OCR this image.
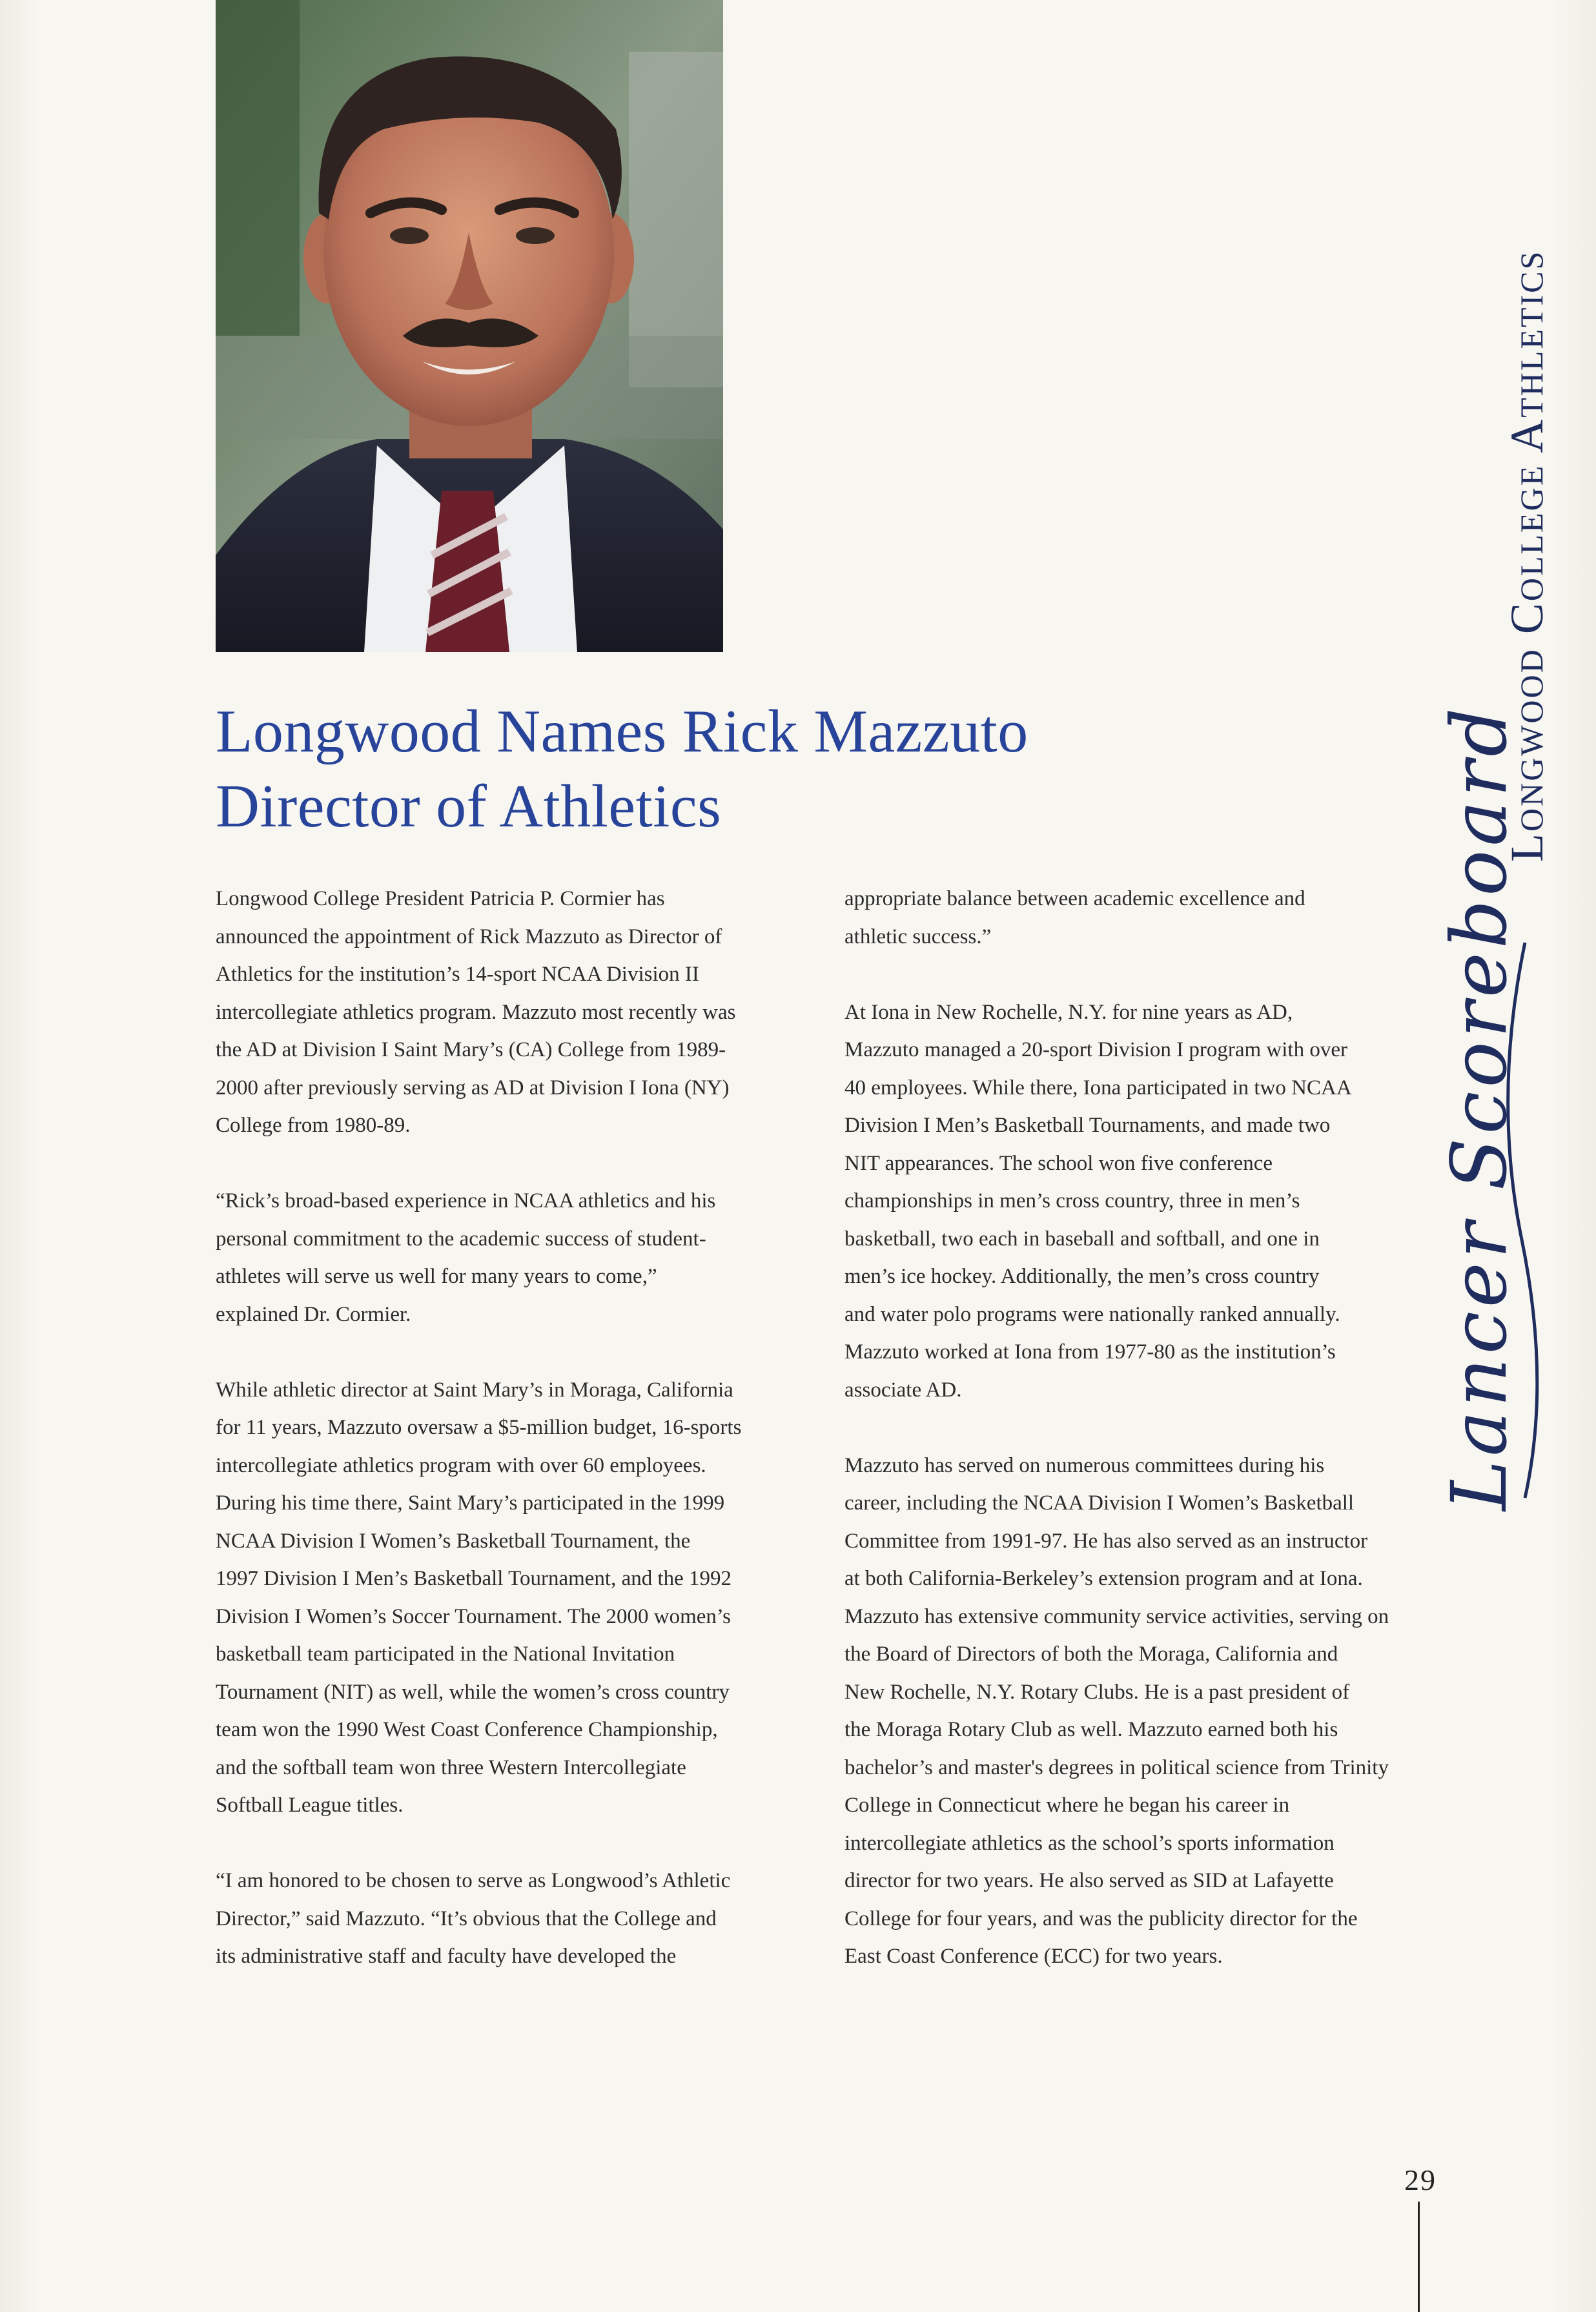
Longwood Names Rick Mazzuto
Director of Athletics

Longwood College President Patricia P. Cormier has
announced the appointment of Rick Mazzuto as Director of
Athletics for the institution’s 14-sport NCAA Division II
intercollegiate athletics program. Mazzuto most recently was
the AD at Division I Saint Mary’s (CA) College from 1989-
2000 after previously serving as AD at Division I Iona (NY)
College from 1980-89.

“Rick’s broad-based experience in NCAA athletics and his
personal commitment to the academic success of student-
athletes will serve us well for many years to come,”
explained Dr. Cormier.

While athletic director at Saint Mary’s in Moraga, California
for 11 years, Mazzuto oversaw a $5-million budget, 16-sports
intercollegiate athletics program with over 60 employees.
During his time there, Saint Mary’s participated in the 1999
NCAA Division I Women’s Basketball Tournament, the
1997 Division I Men’s Basketball Tournament, and the 1992
Division I Women’s Soccer Tournament. The 2000 women’s
basketball team participated in the National Invitation
Tournament (NIT) as well, while the women’s cross country
team won the 1990 West Coast Conference Championship,
and the softball team won three Western Intercollegiate
Softball League titles.

“I am honored to be chosen to serve as Longwood’s Athletic
Director,” said Mazzuto. “It’s obvious that the College and
its administrative staff and faculty have developed the

appropriate balance between academic excellence and
athletic success.”

At Iona in New Rochelle, N.Y. for nine years as AD,
Mazzuto managed a 20-sport Division I program with over
40 employees. While there, Iona participated in two NCAA
Division I Men’s Basketball Tournaments, and made two
NIT appearances. The school won five conference
championships in men’s cross country, three in men’s
basketball, two each in baseball and softball, and one in
men’s ice hockey. Additionally, the men’s cross country
and water polo programs were nationally ranked annually.
Mazzuto worked at Iona from 1977-80 as the institution’s
associate AD.

Mazzuto has served on numerous committees during his
career, including the NCAA Division I Women’s Basketball
Committee from 1991-97. He has also served as an instructor
at both California-Berkeley’s extension program and at Iona.
Mazzuto has extensive community service activities, serving on
the Board of Directors of both the Moraga, California and
New Rochelle, N.Y. Rotary Clubs. He is a past president of
the Moraga Rotary Club as well. Mazzuto earned both his
bachelor’s and master's degrees in political science from Trinity
College in Connecticut where he began his career in
intercollegiate athletics as the school’s sports information
director for two years. He also served as SID at Lafayette
College for four years, and was the publicity director for the
East Coast Conference (ECC) for two years.

Longwood College Athletics
Lancer Scoreboard
29
